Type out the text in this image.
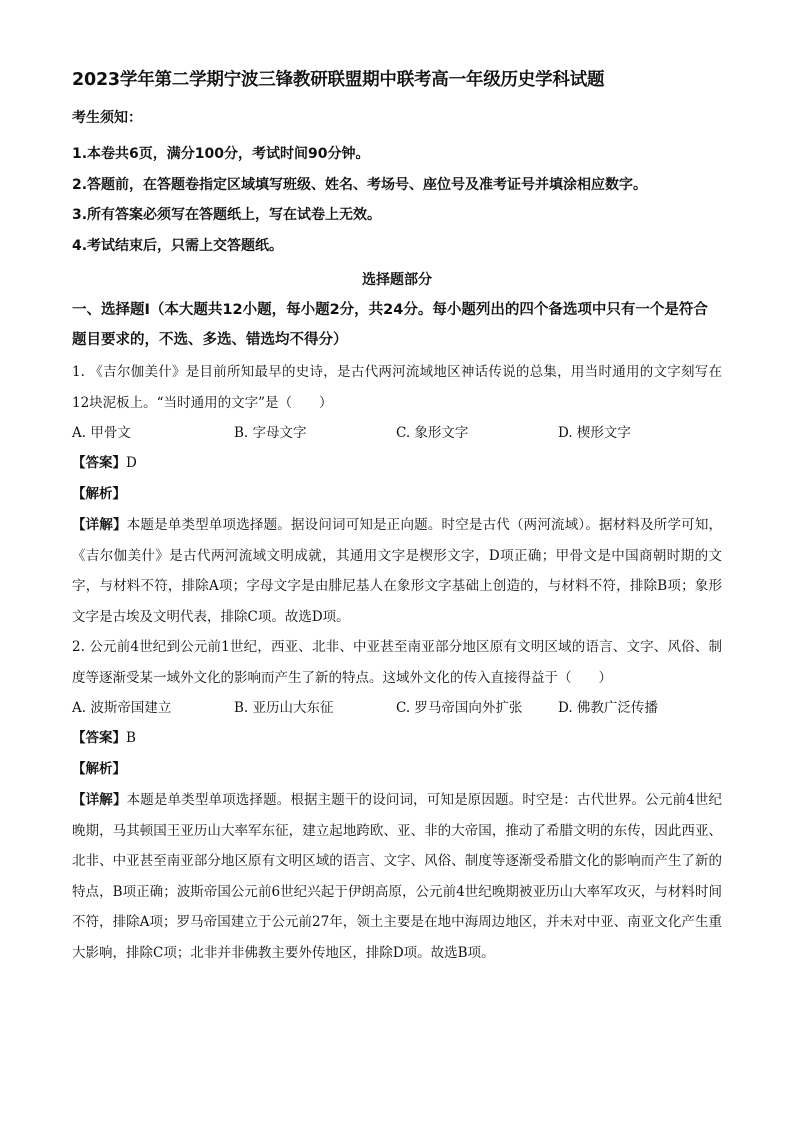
2023学年第二学期宁波三锋教研联盟期中联考高一年级历史学科试题

考生须知：

1.本卷共6页，满分100分，考试时间90分钟。

2.答题前，在答题卷指定区域填写班级、姓名、考场号、座位号及准考证号并填涂相应数字。

3.所有答案必须写在答题纸上，写在试卷上无效。

4.考试结束后，只需上交答题纸。

选择题部分

一、选择题Ⅰ（本大题共12小题，每小题2分，共24分。每小题列出的四个备选项中只有一个是符合题目要求的，不选、多选、错选均不得分）

1. 《吉尔伽美什》是目前所知最早的史诗，是古代两河流域地区神话传说的总集，用当时通用的文字刻写在12块泥板上。“当时通用的文字”是（　　）

A. 甲骨文	B. 字母文字	C. 象形文字	D. 楔形文字

【答案】D

【解析】

【详解】本题是单类型单项选择题。据设问词可知是正向题。时空是古代（两河流域）。据材料及所学可知，《吉尔伽美什》是古代两河流域文明成就，其通用文字是楔形文字，D项正确；甲骨文是中国商朝时期的文字，与材料不符，排除A项；字母文字是由腓尼基人在象形文字基础上创造的，与材料不符，排除B项；象形文字是古埃及文明代表，排除C项。故选D项。

2. 公元前4世纪到公元前1世纪，西亚、北非、中亚甚至南亚部分地区原有文明区域的语言、文字、风俗、制度等逐渐受某一域外文化的影响而产生了新的特点。这域外文化的传入直接得益于（　　）

A. 波斯帝国建立	B. 亚历山大东征	C. 罗马帝国向外扩张	D. 佛教广泛传播

【答案】B

【解析】

【详解】本题是单类型单项选择题。根据主题干的设问词，可知是原因题。时空是：古代世界。公元前4世纪晚期，马其顿国王亚历山大率军东征，建立起地跨欧、亚、非的大帝国，推动了希腊文明的东传，因此西亚、北非、中亚甚至南亚部分地区原有文明区域的语言、文字、风俗、制度等逐渐受希腊文化的影响而产生了新的特点，B项正确；波斯帝国公元前6世纪兴起于伊朗高原，公元前4世纪晚期被亚历山大率军攻灭，与材料时间不符，排除A项；罗马帝国建立于公元前27年，领土主要是在地中海周边地区，并未对中亚、南亚文化产生重大影响，排除C项；北非并非佛教主要外传地区，排除D项。故选B项。
